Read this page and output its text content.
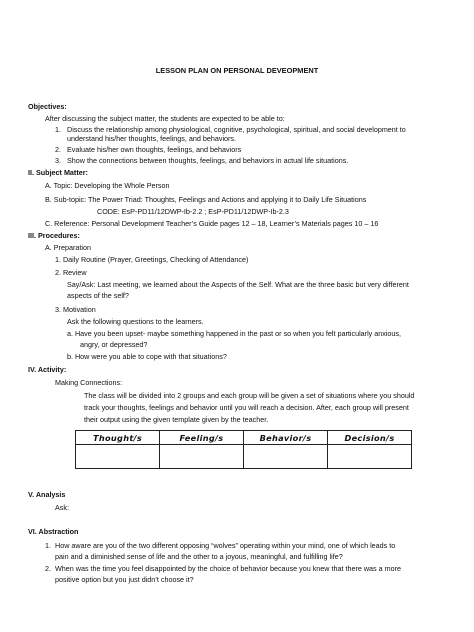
LESSON PLAN ON PERSONAL DEVEOPMENT
Objectives:
After discussing the subject matter, the students are expected to be able to:
1. Discuss the relationship among physiological, cognitive, psychological, spiritual, and social development to
understand his/her thoughts, feelings, and behaviors.
2. Evaluate his/her own thoughts, feelings, and behaviors
3. Show the connections between thoughts, feelings, and behaviors in actual life situations.
II. Subject Matter:
A. Topic: Developing the Whole Person
B. Sub-topic: The Power Triad: Thoughts, Feelings and Actions and applying it to Daily Life Situations
CODE: EsP-PD11/12DWP-Ib-2.2 ; EsP-PD11/12DWP-Ib-2.3
C. Reference: Personal Development Teacher’s Guide pages 12 – 18, Learner’s Materials pages 10 – 16
III. Procedures:
A. Preparation
1. Daily Routine (Prayer, Greetings, Checking of Attendance)
2. Review
Say/Ask: Last meeting, we learned about the Aspects of the Self. What are the three basic but very different
aspects of the self?
3. Motivation
Ask the following questions to the learners.
a. Have you been upset- maybe something happened in the past or so when you felt particularly anxious,
angry, or depressed?
b. How were you able to cope with that situations?
IV. Activity:
Making Connections:
The class will be divided into 2 groups and each group will be given a set of situations where you should
track your thoughts, feelings and behavior until you will reach a decision. After, each group will present
their output using the given template given by the teacher.
Thought/s	Feeling/s	Behavior/s	Decision/s

V. Analysis
Ask:
VI. Abstraction
1. How aware are you of the two different opposing “wolves” operating within your mind, one of which leads to
pain and a diminished sense of life and the other to a joyous, meaningful, and fulfilling life?
2. When was the time you feel disappointed by the choice of behavior because you knew that there was a more
positive option but you just didn’t choose it?
